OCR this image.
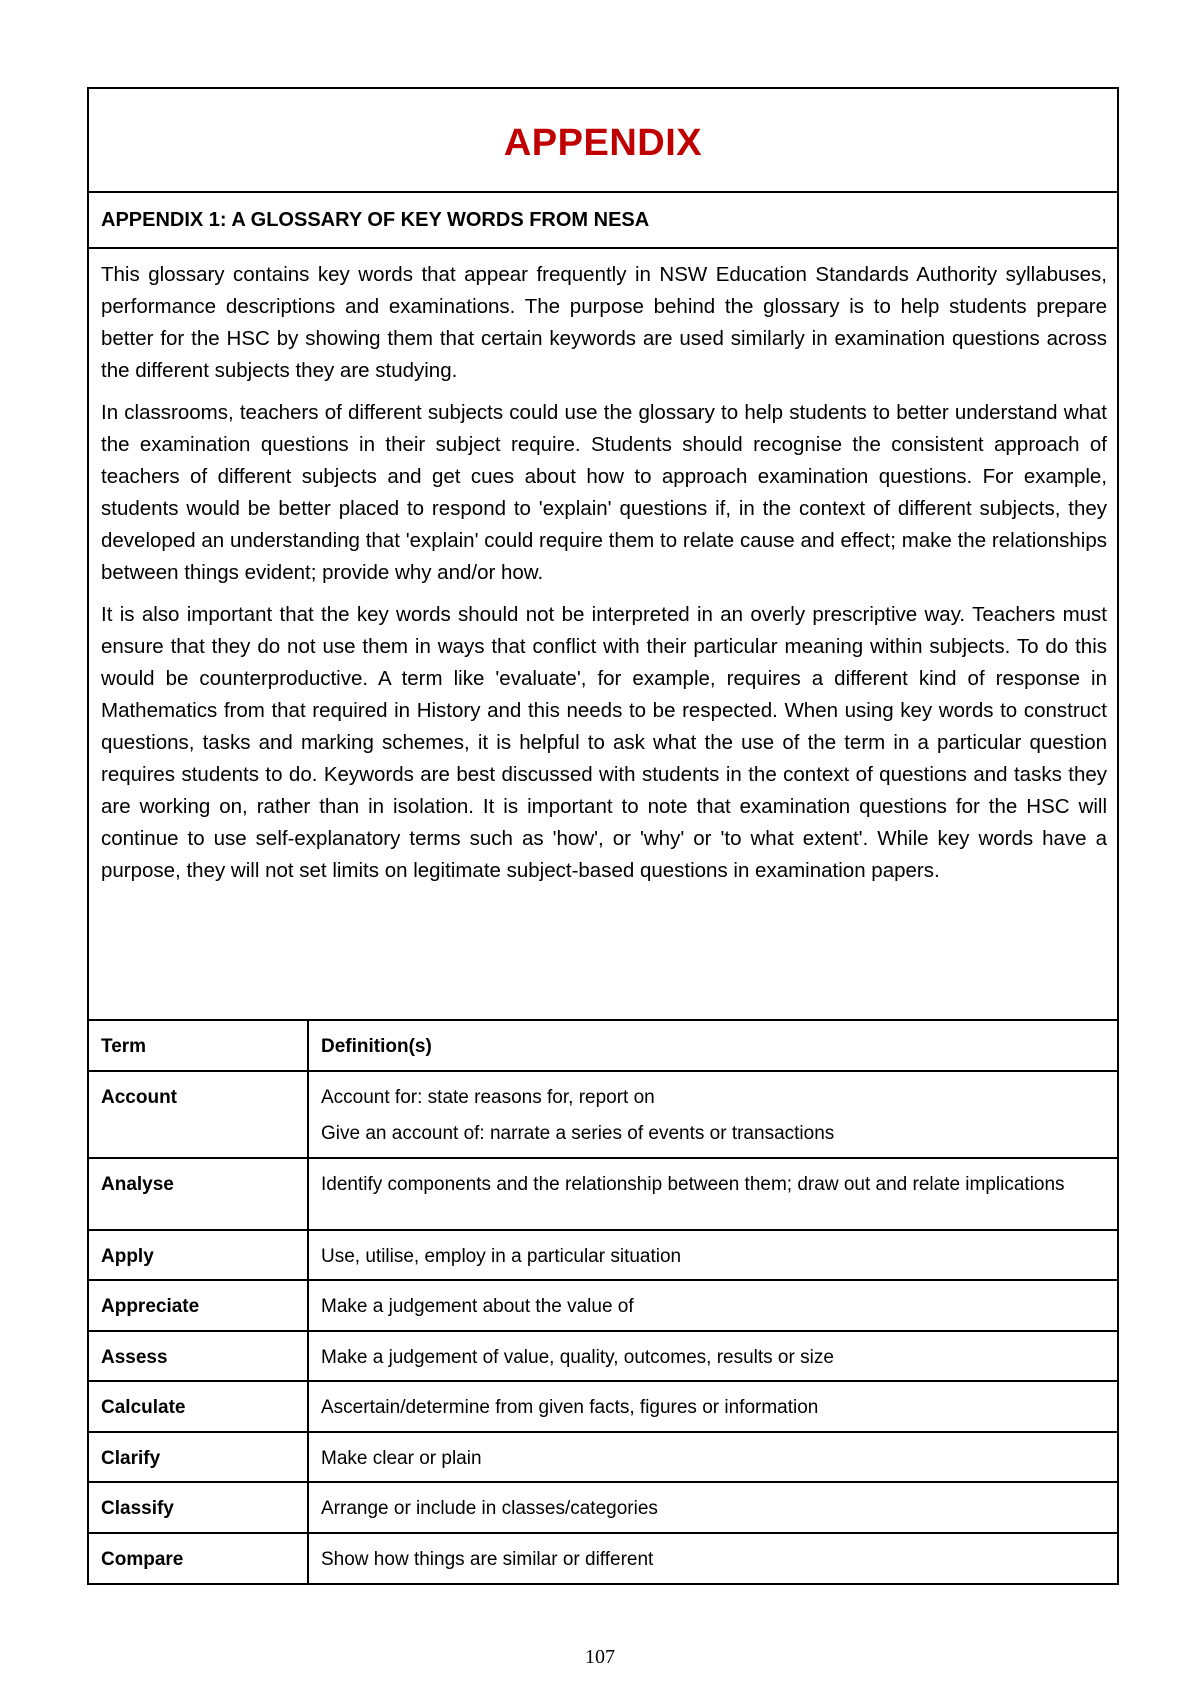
APPENDIX
APPENDIX 1: A GLOSSARY OF KEY WORDS FROM NESA

This glossary contains key words that appear frequently in NSW Education Standards Authority syllabuses, performance descriptions and examinations. The purpose behind the glossary is to help students prepare better for the HSC by showing them that certain keywords are used similarly in examination questions across the different subjects they are studying.

In classrooms, teachers of different subjects could use the glossary to help students to better understand what the examination questions in their subject require. Students should recognise the consistent approach of teachers of different subjects and get cues about how to approach examination questions. For example, students would be better placed to respond to 'explain' questions if, in the context of different subjects, they developed an understanding that 'explain' could require them to relate cause and effect; make the relationships between things evident; provide why and/or how.

It is also important that the key words should not be interpreted in an overly prescriptive way. Teachers must ensure that they do not use them in ways that conflict with their particular meaning within subjects. To do this would be counterproductive. A term like 'evaluate', for example, requires a different kind of response in Mathematics from that required in History and this needs to be respected. When using key words to construct questions, tasks and marking schemes, it is helpful to ask what the use of the term in a particular question requires students to do. Keywords are best discussed with students in the context of questions and tasks they are working on, rather than in isolation. It is important to note that examination questions for the HSC will continue to use self-explanatory terms such as 'how', or 'why' or 'to what extent'. While key words have a purpose, they will not set limits on legitimate subject-based questions in examination papers.

Term	Definition(s)
Account	Account for: state reasons for, report on
Give an account of: narrate a series of events or transactions

Analyse	Identify components and the relationship between them; draw out and relate implications

Apply	Use, utilise, employ in a particular situation

Appreciate	Make a judgement about the value of

Assess	Make a judgement of value, quality, outcomes, results or size

Calculate	Ascertain/determine from given facts, figures or information

Clarify	Make clear or plain

Classify	Arrange or include in classes/categories

Compare	Show how things are similar or different
107
